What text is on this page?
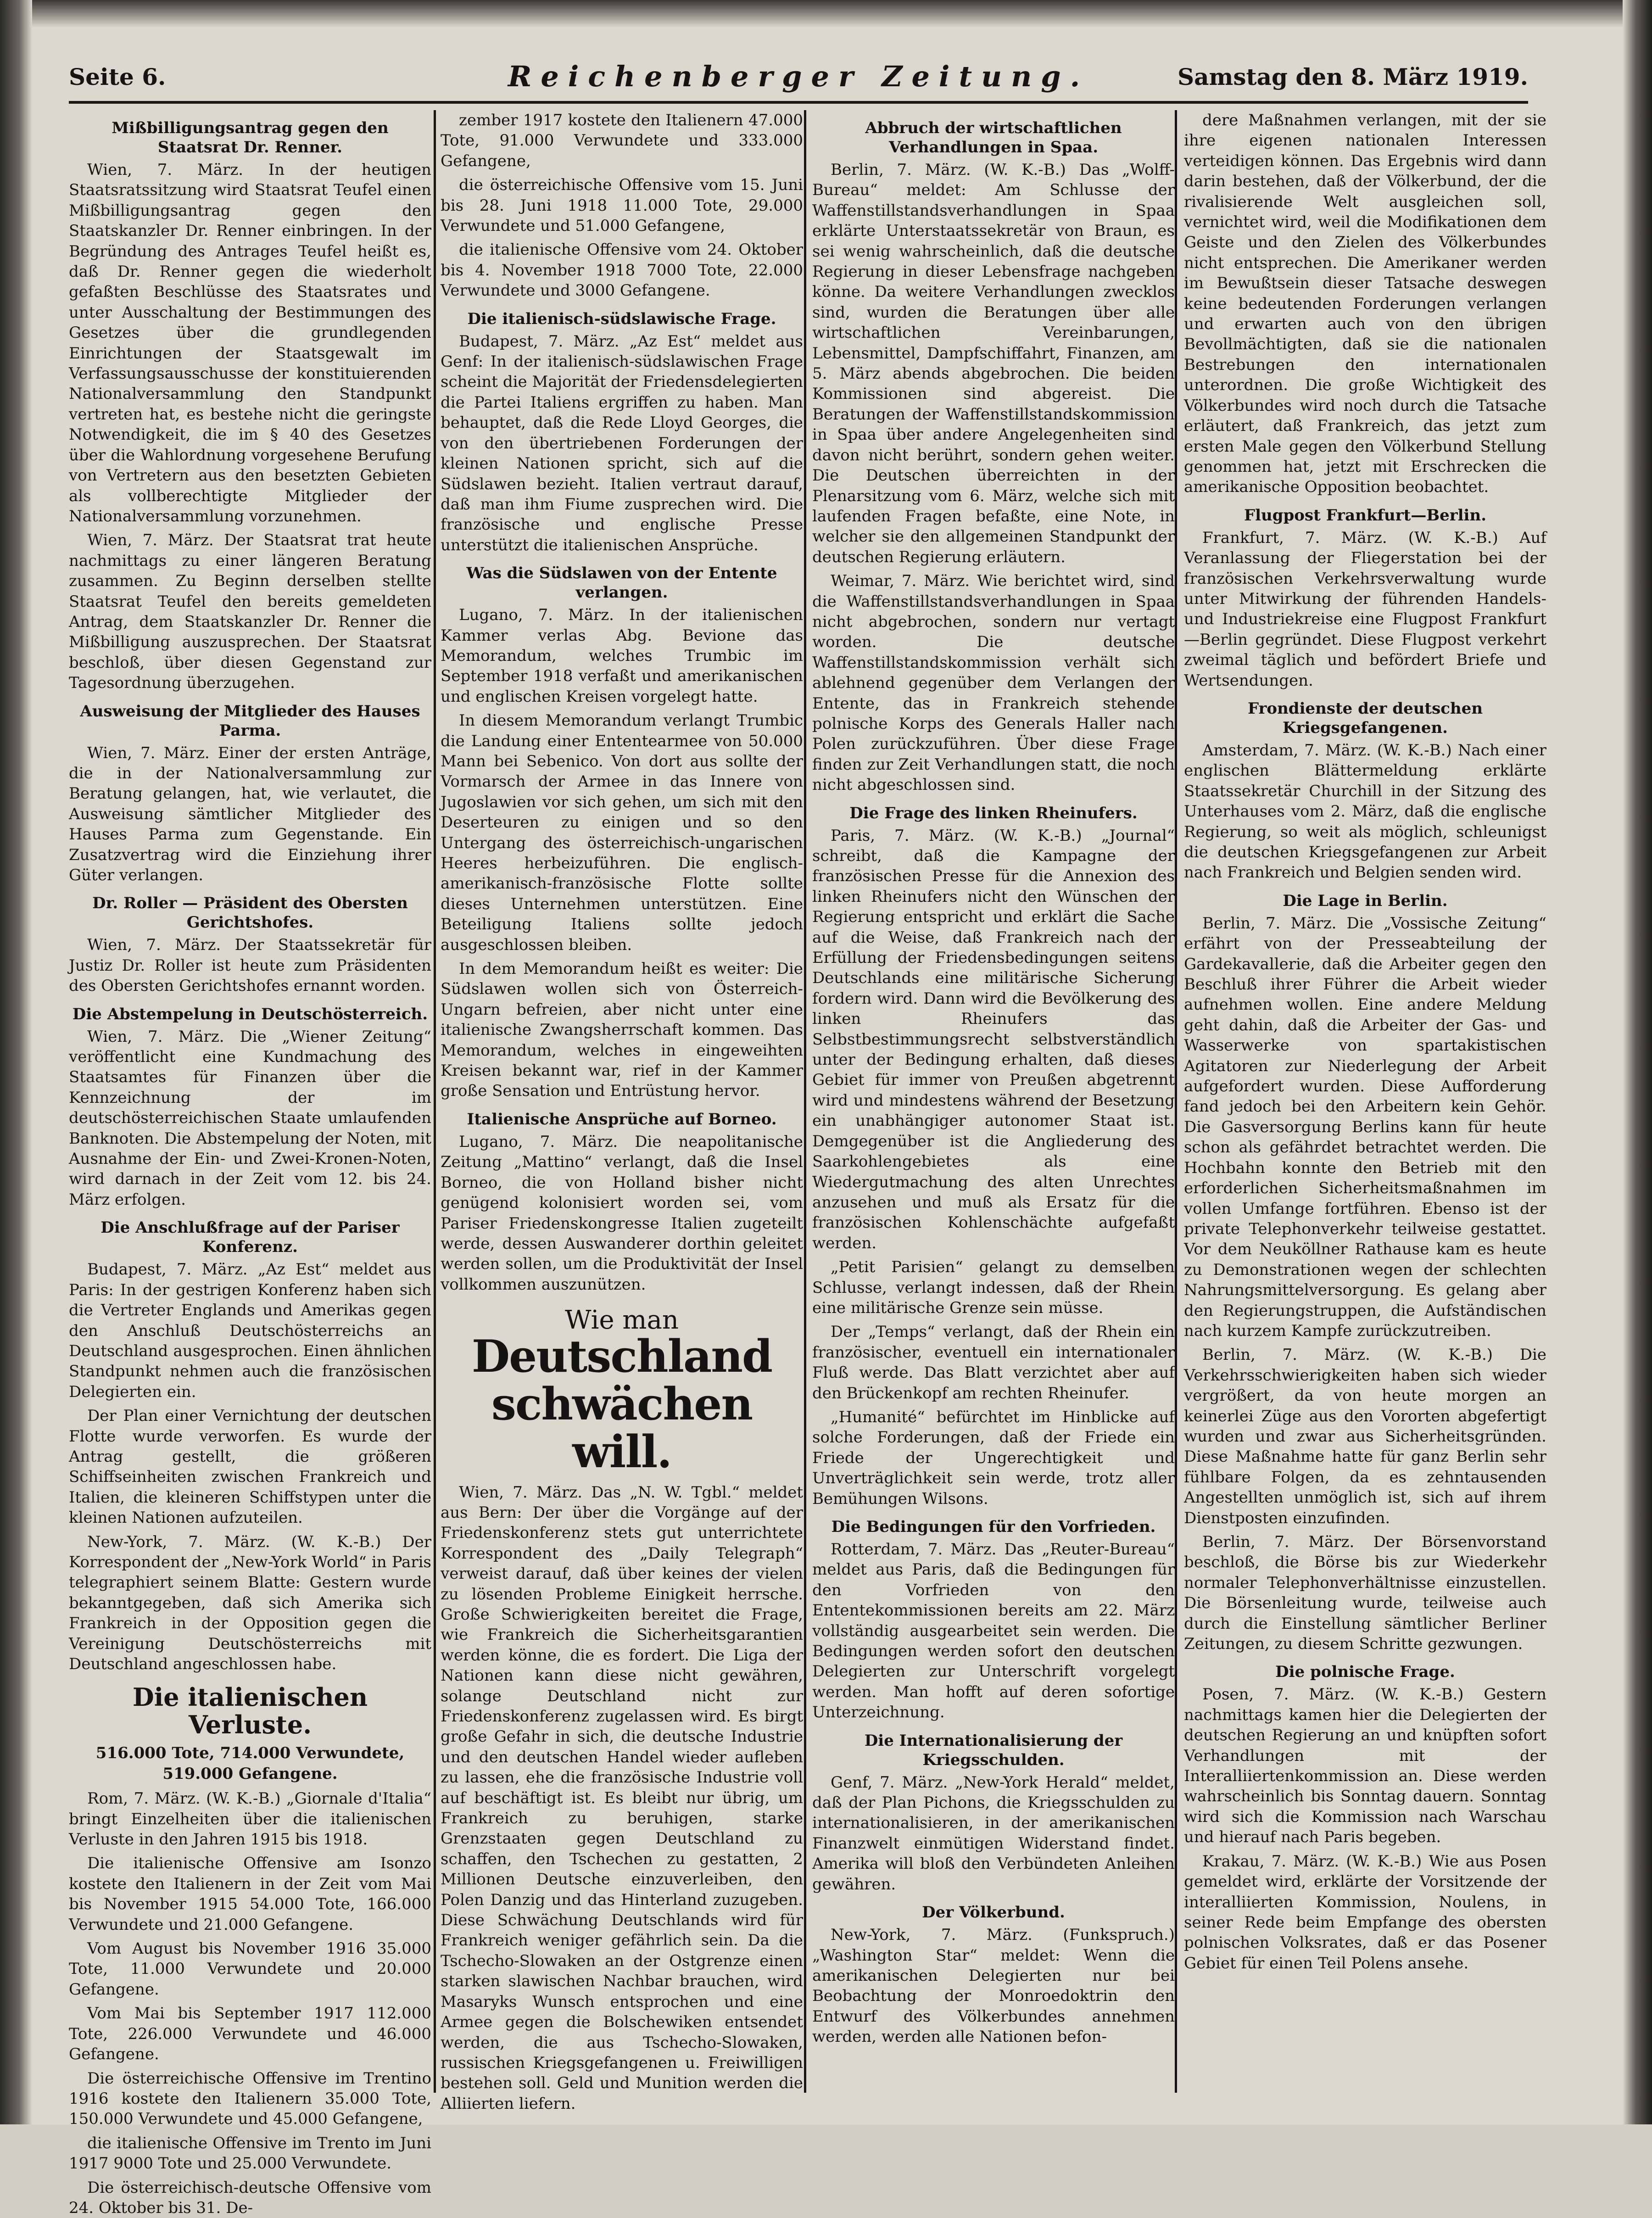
Seite 6.	Reichenberger Zeitung.	Samstag den 8. März 1919.
Mißbilligungsantrag gegen den Staatsrat Dr. Renner.

Wien, 7. März. In der heutigen Staatsratssitzung wird Staatsrat Teufel einen Mißbilligungsantrag gegen den Staatskanzler Dr. Renner einbringen. In der Begründung des Antrages Teufel heißt es, daß Dr. Renner gegen die wiederholt gefaßten Beschlüsse des Staatsrates und unter Ausschaltung der Bestimmungen des Gesetzes über die grundlegenden Einrichtungen der Staatsgewalt im Verfassungsausschusse der konstituierenden Nationalversammlung den Standpunkt vertreten hat, es bestehe nicht die geringste Notwendigkeit, die im § 40 des Gesetzes über die Wahlordnung vorgesehene Berufung von Vertretern aus den besetzten Gebieten als vollberechtigte Mitglieder der Nationalversammlung vorzunehmen.

Wien, 7. März. Der Staatsrat trat heute nachmittags zu einer längeren Beratung zusammen. Zu Beginn derselben stellte Staatsrat Teufel den bereits gemeldeten Antrag, dem Staatskanzler Dr. Renner die Mißbilligung auszusprechen. Der Staatsrat beschloß, über diesen Gegenstand zur Tagesordnung überzugehen.

Ausweisung der Mitglieder des Hauses Parma.

Wien, 7. März. Einer der ersten Anträge, die in der Nationalversammlung zur Beratung gelangen, hat, wie verlautet, die Ausweisung sämtlicher Mitglieder des Hauses Parma zum Gegenstande. Ein Zusatzvertrag wird die Einziehung ihrer Güter verlangen.

Dr. Roller — Präsident des Obersten Gerichtshofes.

Wien, 7. März. Der Staatssekretär für Justiz Dr. Roller ist heute zum Präsidenten des Obersten Gerichtshofes ernannt worden.

Die Abstempelung in Deutschösterreich.

Wien, 7. März. Die „Wiener Zeitung“ veröffentlicht eine Kundmachung des Staatsamtes für Finanzen über die Kennzeichnung der im deutschösterreichischen Staate umlaufenden Banknoten. Die Abstempelung der Noten, mit Ausnahme der Ein- und Zwei-Kronen-Noten, wird darnach in der Zeit vom 12. bis 24. März erfolgen.

Die Anschlußfrage auf der Pariser Konferenz.

Budapest, 7. März. „Az Est“ meldet aus Paris: In der gestrigen Konferenz haben sich die Vertreter Englands und Amerikas gegen den Anschluß Deutschösterreichs an Deutschland ausgesprochen. Einen ähnlichen Standpunkt nehmen auch die französischen Delegierten ein.

Der Plan einer Vernichtung der deutschen Flotte wurde verworfen. Es wurde der Antrag gestellt, die größeren Schiffseinheiten zwischen Frankreich und Italien, die kleineren Schiffstypen unter die kleinen Nationen aufzuteilen.

New-York, 7. März. (W. K.-B.) Der Korrespondent der „New-York World“ in Paris telegraphiert seinem Blatte: Gestern wurde bekanntgegeben, daß sich Amerika sich Frankreich in der Opposition gegen die Vereinigung Deutschösterreichs mit Deutschland angeschlossen habe.

Die italienischen Verluste.

516.000 Tote, 714.000 Verwundete, 519.000 Gefangene.

Rom, 7. März. (W. K.-B.) „Giornale d'Italia“ bringt Einzelheiten über die italienischen Verluste in den Jahren 1915 bis 1918.

Die italienische Offensive am Isonzo kostete den Italienern in der Zeit vom Mai bis November 1915 54.000 Tote, 166.000 Verwundete und 21.000 Gefangene.

Vom August bis November 1916 35.000 Tote, 11.000 Verwundete und 20.000 Gefangene.

Vom Mai bis September 1917 112.000 Tote, 226.000 Verwundete und 46.000 Gefangene.

Die österreichische Offensive im Trentino 1916 kostete den Italienern 35.000 Tote, 150.000 Verwundete und 45.000 Gefangene,

die italienische Offensive im Trento im Juni 1917 9000 Tote und 25.000 Verwundete.

Die österreichisch-deutsche Offensive vom 24. Oktober bis 31. De-

zember 1917 kostete den Italienern 47.000 Tote, 91.000 Verwundete und 333.000 Gefangene,

die österreichische Offensive vom 15. Juni bis 28. Juni 1918 11.000 Tote, 29.000 Verwundete und 51.000 Gefangene,

die italienische Offensive vom 24. Oktober bis 4. November 1918 7000 Tote, 22.000 Verwundete und 3000 Gefangene.

Die italienisch-südslawische Frage.

Budapest, 7. März. „Az Est“ meldet aus Genf: In der italienisch-südslawischen Frage scheint die Majorität der Friedensdelegierten die Partei Italiens ergriffen zu haben. Man behauptet, daß die Rede Lloyd Georges, die von den übertriebenen Forderungen der kleinen Nationen spricht, sich auf die Südslawen bezieht. Italien vertraut darauf, daß man ihm Fiume zusprechen wird. Die französische und englische Presse unterstützt die italienischen Ansprüche.

Was die Südslawen von der Entente verlangen.

Lugano, 7. März. In der italienischen Kammer verlas Abg. Bevione das Memorandum, welches Trumbic im September 1918 verfaßt und amerikanischen und englischen Kreisen vorgelegt hatte.

In diesem Memorandum verlangt Trumbic die Landung einer Ententearmee von 50.000 Mann bei Sebenico. Von dort aus sollte der Vormarsch der Armee in das Innere von Jugoslawien vor sich gehen, um sich mit den Deserteuren zu einigen und so den Untergang des österreichisch-ungarischen Heeres herbeizuführen. Die englisch-amerikanisch-französische Flotte sollte dieses Unternehmen unterstützen. Eine Beteiligung Italiens sollte jedoch ausgeschlossen bleiben.

In dem Memorandum heißt es weiter: Die Südslawen wollen sich von Österreich-Ungarn befreien, aber nicht unter eine italienische Zwangsherrschaft kommen. Das Memorandum, welches in eingeweihten Kreisen bekannt war, rief in der Kammer große Sensation und Entrüstung hervor.

Italienische Ansprüche auf Borneo.

Lugano, 7. März. Die neapolitanische Zeitung „Mattino“ verlangt, daß die Insel Borneo, die von Holland bisher nicht genügend kolonisiert worden sei, vom Pariser Friedenskongresse Italien zugeteilt werde, dessen Auswanderer dorthin geleitet werden sollen, um die Produktivität der Insel vollkommen auszunützen.

Wie man
Deutschland schwächen will.

Wien, 7. März. Das „N. W. Tgbl.“ meldet aus Bern: Der über die Vorgänge auf der Friedenskonferenz stets gut unterrichtete Korrespondent des „Daily Telegraph“ verweist darauf, daß über keines der vielen zu lösenden Probleme Einigkeit herrsche. Große Schwierigkeiten bereitet die Frage, wie Frankreich die Sicherheitsgarantien werden könne, die es fordert. Die Liga der Nationen kann diese nicht gewähren, solange Deutschland nicht zur Friedenskonferenz zugelassen wird. Es birgt große Gefahr in sich, die deutsche Industrie und den deutschen Handel wieder aufleben zu lassen, ehe die französische Industrie voll auf beschäftigt ist. Es bleibt nur übrig, um Frankreich zu beruhigen, starke Grenzstaaten gegen Deutschland zu schaffen, den Tschechen zu gestatten, 2 Millionen Deutsche einzuverleiben, den Polen Danzig und das Hinterland zuzugeben. Diese Schwächung Deutschlands wird für Frankreich weniger gefährlich sein. Da die Tschecho-Slowaken an der Ostgrenze einen starken slawischen Nachbar brauchen, wird Masaryks Wunsch entsprochen und eine Armee gegen die Bolschewiken entsendet werden, die aus Tschecho-Slowaken, russischen Kriegsgefangenen u. Freiwilligen bestehen soll. Geld und Munition werden die Alliierten liefern.

Abbruch der wirtschaftlichen Verhandlungen in Spaa.

Berlin, 7. März. (W. K.-B.) Das „Wolff-Bureau“ meldet: Am Schlusse der Waffenstillstandsverhandlungen in Spaa erklärte Unterstaatssekretär von Braun, es sei wenig wahrscheinlich, daß die deutsche Regierung in dieser Lebensfrage nachgeben könne. Da weitere Verhandlungen zwecklos sind, wurden die Beratungen über alle wirtschaftlichen Vereinbarungen, Lebensmittel, Dampfschiffahrt, Finanzen, am 5. März abends abgebrochen. Die beiden Kommissionen sind abgereist. Die Beratungen der Waffenstillstandskommission in Spaa über andere Angelegenheiten sind davon nicht berührt, sondern gehen weiter. Die Deutschen überreichten in der Plenarsitzung vom 6. März, welche sich mit laufenden Fragen befaßte, eine Note, in welcher sie den allgemeinen Standpunkt der deutschen Regierung erläutern.

Weimar, 7. März. Wie berichtet wird, sind die Waffenstillstandsverhandlungen in Spaa nicht abgebrochen, sondern nur vertagt worden. Die deutsche Waffenstillstandskommission verhält sich ablehnend gegenüber dem Verlangen der Entente, das in Frankreich stehende polnische Korps des Generals Haller nach Polen zurückzuführen. Über diese Frage finden zur Zeit Verhandlungen statt, die noch nicht abgeschlossen sind.

Die Frage des linken Rheinufers.

Paris, 7. März. (W. K.-B.) „Journal“ schreibt, daß die Kampagne der französischen Presse für die Annexion des linken Rheinufers nicht den Wünschen der Regierung entspricht und erklärt die Sache auf die Weise, daß Frankreich nach der Erfüllung der Friedensbedingungen seitens Deutschlands eine militärische Sicherung fordern wird. Dann wird die Bevölkerung des linken Rheinufers das Selbstbestimmungsrecht selbstverständlich unter der Bedingung erhalten, daß dieses Gebiet für immer von Preußen abgetrennt wird und mindestens während der Besetzung ein unabhängiger autonomer Staat ist. Demgegenüber ist die Angliederung des Saarkohlengebietes als eine Wiedergutmachung des alten Unrechtes anzusehen und muß als Ersatz für die französischen Kohlenschächte aufgefaßt werden.

„Petit Parisien“ gelangt zu demselben Schlusse, verlangt indessen, daß der Rhein eine militärische Grenze sein müsse.

Der „Temps“ verlangt, daß der Rhein ein französischer, eventuell ein internationaler Fluß werde. Das Blatt verzichtet aber auf den Brückenkopf am rechten Rheinufer.

„Humanité“ befürchtet im Hinblicke auf solche Forderungen, daß der Friede ein Friede der Ungerechtigkeit und Unverträglichkeit sein werde, trotz aller Bemühungen Wilsons.

Die Bedingungen für den Vorfrieden.

Rotterdam, 7. März. Das „Reuter-Bureau“ meldet aus Paris, daß die Bedingungen für den Vorfrieden von den Ententekommissionen bereits am 22. März vollständig ausgearbeitet sein werden. Die Bedingungen werden sofort den deutschen Delegierten zur Unterschrift vorgelegt werden. Man hofft auf deren sofortige Unterzeichnung.

Die Internationalisierung der Kriegsschulden.

Genf, 7. März. „New-York Herald“ meldet, daß der Plan Pichons, die Kriegsschulden zu internationalisieren, in der amerikanischen Finanzwelt einmütigen Widerstand findet. Amerika will bloß den Verbündeten Anleihen gewähren.

Der Völkerbund.

New-York, 7. März. (Funkspruch.) „Washington Star“ meldet: Wenn die amerikanischen Delegierten nur bei Beobachtung der Monroedoktrin den Entwurf des Völkerbundes annehmen werden, werden alle Nationen befon-

dere Maßnahmen verlangen, mit der sie ihre eigenen nationalen Interessen verteidigen können. Das Ergebnis wird dann darin bestehen, daß der Völkerbund, der die rivalisierende Welt ausgleichen soll, vernichtet wird, weil die Modifikationen dem Geiste und den Zielen des Völkerbundes nicht entsprechen. Die Amerikaner werden im Bewußtsein dieser Tatsache deswegen keine bedeutenden Forderungen verlangen und erwarten auch von den übrigen Bevollmächtigten, daß sie die nationalen Bestrebungen den internationalen unterordnen. Die große Wichtigkeit des Völkerbundes wird noch durch die Tatsache erläutert, daß Frankreich, das jetzt zum ersten Male gegen den Völkerbund Stellung genommen hat, jetzt mit Erschrecken die amerikanische Opposition beobachtet.

Flugpost Frankfurt—Berlin.

Frankfurt, 7. März. (W. K.-B.) Auf Veranlassung der Fliegerstation bei der französischen Verkehrsverwaltung wurde unter Mitwirkung der führenden Handels- und Industriekreise eine Flugpost Frankfurt—Berlin gegründet. Diese Flugpost verkehrt zweimal täglich und befördert Briefe und Wertsendungen.

Frondienste der deutschen Kriegsgefangenen.

Amsterdam, 7. März. (W. K.-B.) Nach einer englischen Blättermeldung erklärte Staatssekretär Churchill in der Sitzung des Unterhauses vom 2. März, daß die englische Regierung, so weit als möglich, schleunigst die deutschen Kriegsgefangenen zur Arbeit nach Frankreich und Belgien senden wird.

Die Lage in Berlin.

Berlin, 7. März. Die „Vossische Zeitung“ erfährt von der Presseabteilung der Gardekavallerie, daß die Arbeiter gegen den Beschluß ihrer Führer die Arbeit wieder aufnehmen wollen. Eine andere Meldung geht dahin, daß die Arbeiter der Gas- und Wasserwerke von spartakistischen Agitatoren zur Niederlegung der Arbeit aufgefordert wurden. Diese Aufforderung fand jedoch bei den Arbeitern kein Gehör. Die Gasversorgung Berlins kann für heute schon als gefährdet betrachtet werden. Die Hochbahn konnte den Betrieb mit den erforderlichen Sicherheitsmaßnahmen im vollen Umfange fortführen. Ebenso ist der private Telephonverkehr teilweise gestattet. Vor dem Neuköllner Rathause kam es heute zu Demonstrationen wegen der schlechten Nahrungsmittelversorgung. Es gelang aber den Regierungstruppen, die Aufständischen nach kurzem Kampfe zurückzutreiben.

Berlin, 7. März. (W. K.-B.) Die Verkehrsschwierigkeiten haben sich wieder vergrößert, da von heute morgen an keinerlei Züge aus den Vororten abgefertigt wurden und zwar aus Sicherheitsgründen. Diese Maßnahme hatte für ganz Berlin sehr fühlbare Folgen, da es zehntausenden Angestellten unmöglich ist, sich auf ihrem Dienstposten einzufinden.

Berlin, 7. März. Der Börsenvorstand beschloß, die Börse bis zur Wiederkehr normaler Telephonverhältnisse einzustellen. Die Börsenleitung wurde, teilweise auch durch die Einstellung sämtlicher Berliner Zeitungen, zu diesem Schritte gezwungen.

Die polnische Frage.

Posen, 7. März. (W. K.-B.) Gestern nachmittags kamen hier die Delegierten der deutschen Regierung an und knüpften sofort Verhandlungen mit der Interalliiertenkommission an. Diese werden wahrscheinlich bis Sonntag dauern. Sonntag wird sich die Kommission nach Warschau und hierauf nach Paris begeben.

Krakau, 7. März. (W. K.-B.) Wie aus Posen gemeldet wird, erklärte der Vorsitzende der interalliierten Kommission, Noulens, in seiner Rede beim Empfange des obersten polnischen Volksrates, daß er das Posener Gebiet für einen Teil Polens ansehe.
